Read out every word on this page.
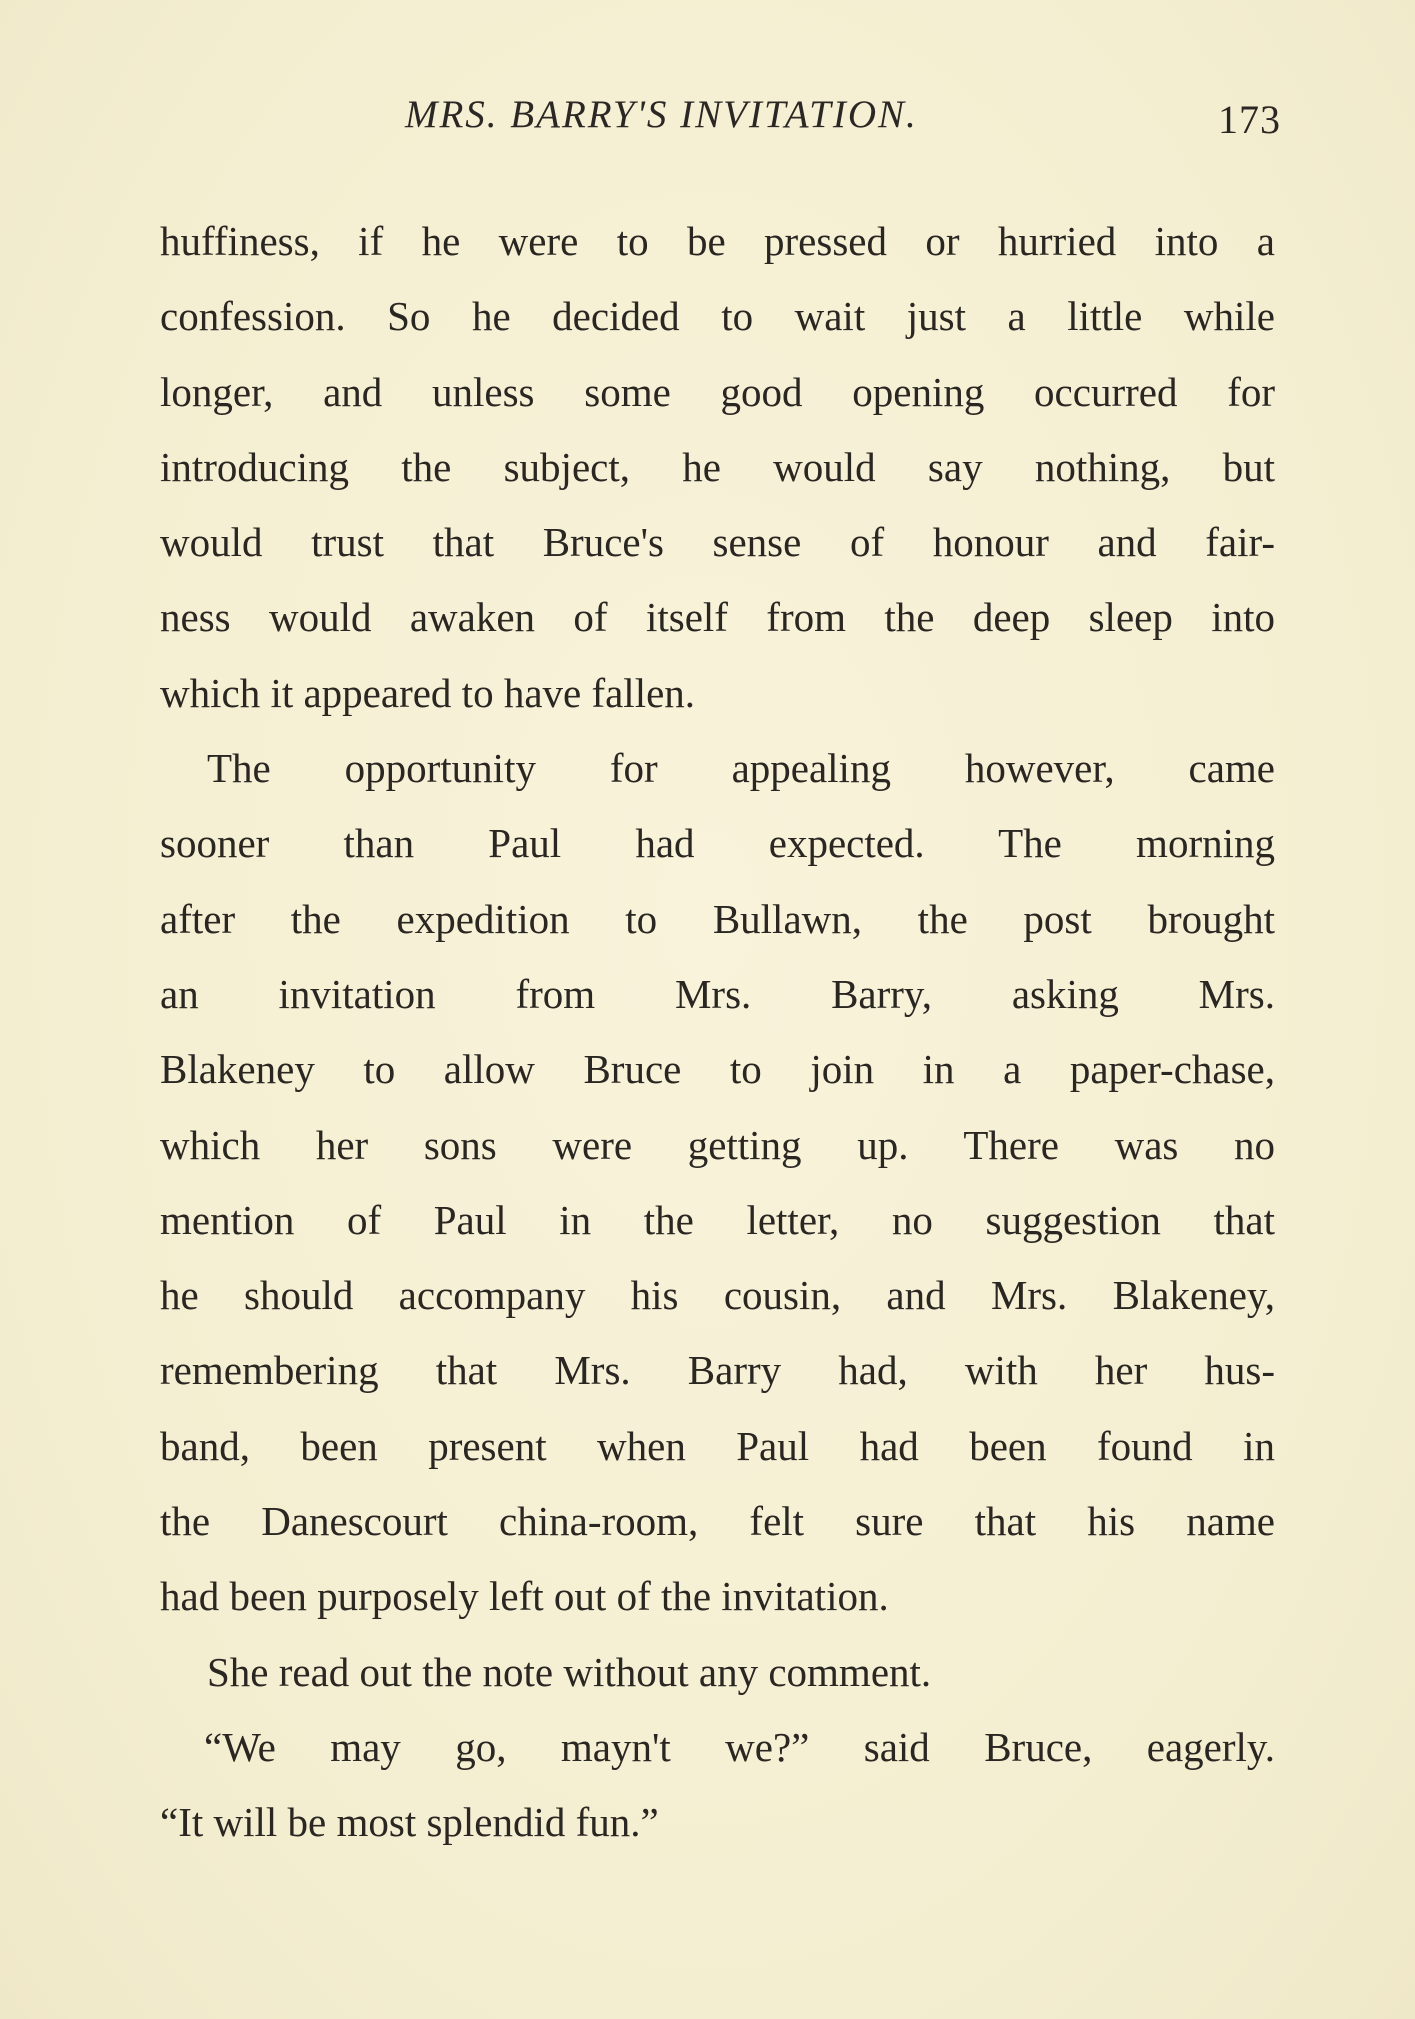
MRS. BARRY'S INVITATION.	173
huffiness, if he were to be pressed or hurried into a
confession. So he decided to wait just a little while
longer, and unless some good opening occurred for
introducing the subject, he would say nothing, but
would trust that Bruce's sense of honour and fair-
ness would awaken of itself from the deep sleep into
which it appeared to have fallen.
The opportunity for appealing however, came
sooner than Paul had expected. The morning
after the expedition to Bullawn, the post brought
an invitation from Mrs. Barry, asking Mrs.
Blakeney to allow Bruce to join in a paper-chase,
which her sons were getting up. There was no
mention of Paul in the letter, no suggestion that
he should accompany his cousin, and Mrs. Blakeney,
remembering that Mrs. Barry had, with her hus-
band, been present when Paul had been found in
the Danescourt china-room, felt sure that his name
had been purposely left out of the invitation.
She read out the note without any comment.
“We may go, mayn't we?” said Bruce, eagerly.
“It will be most splendid fun.”
